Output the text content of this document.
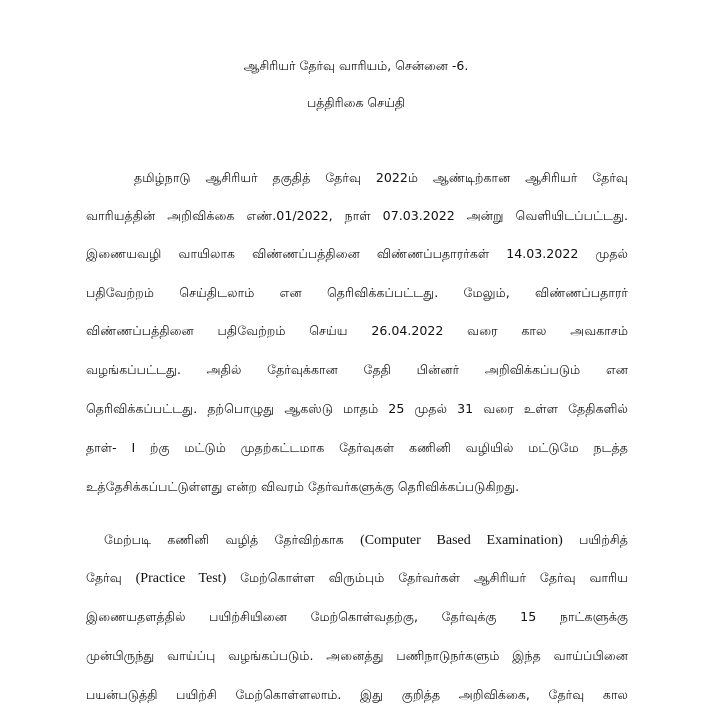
ஆசிரியர் தேர்வு வாரியம், சென்னை -6.
பத்திரிகை செய்தி
தமிழ்நாடு ஆசிரியர் தகுதித் தேர்வு 2022ம் ஆண்டிற்கான ஆசிரியர் தேர்வு
வாரியத்தின் அறிவிக்கை எண்.01/2022, நாள் 07.03.2022 அன்று வெளியிடப்பட்டது.
இணையவழி வாயிலாக விண்ணப்பத்தினை விண்ணப்பதாரர்கள் 14.03.2022 முதல்
பதிவேற்றம் செய்திடலாம் என தெரிவிக்கப்பட்டது. மேலும், விண்ணப்பதாரர்
விண்ணப்பத்தினை பதிவேற்றம் செய்ய 26.04.2022 வரை கால அவகாசம்
வழங்கப்பட்டது. அதில் தேர்வுக்கான தேதி பின்னர் அறிவிக்கப்படும் என
தெரிவிக்கப்பட்டது. தற்பொழுது ஆகஸ்டு மாதம் 25 முதல் 31 வரை உள்ள தேதிகளில்
தாள்- I ற்கு மட்டும் முதற்கட்டமாக தேர்வுகள் கணினி வழியில் மட்டுமே நடத்த
உத்தேசிக்கப்பட்டுள்ளது என்ற விவரம் தேர்வர்களுக்கு தெரிவிக்கப்படுகிறது.
மேற்படி கணினி வழித் தேர்விற்காக (Computer Based Examination) பயிற்சித்
தேர்வு (Practice Test) மேற்கொள்ள விரும்பும் தேர்வர்கள் ஆசிரியர் தேர்வு வாரிய
இணையதளத்தில் பயிற்சியினை மேற்கொள்வதற்கு, தேர்வுக்கு 15 நாட்களுக்கு
முன்பிருந்து வாய்ப்பு வழங்கப்படும். அனைத்து பணிநாடுநர்களும் இந்த வாய்ப்பினை
பயன்படுத்தி பயிற்சி மேற்கொள்ளலாம். இது குறித்த அறிவிக்கை, தேர்வு கால
